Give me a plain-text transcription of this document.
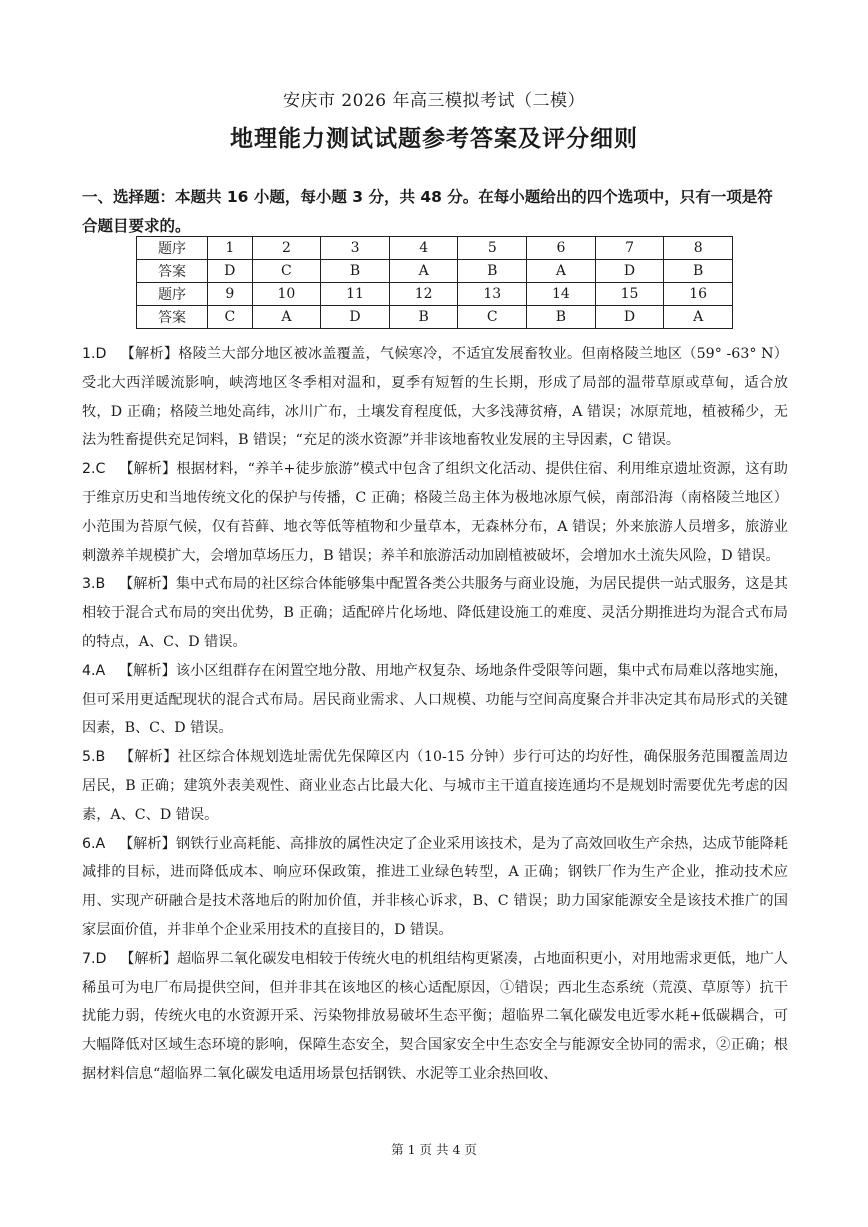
安庆市 2026 年高三模拟考试（二模）
地理能力测试试题参考答案及评分细则
一、选择题：本题共 16 小题，每小题 3 分，共 48 分。在每小题给出的四个选项中，只有一项是符合题目要求的。
题序	1	2	3	4	5	6	7	8
答案	D	C	B	A	B	A	D	B
题序	9	10	11	12	13	14	15	16
答案	C	A	D	B	C	B	D	A

1.D 【解析】格陵兰大部分地区被冰盖覆盖，气候寒冷，不适宜发展畜牧业。但南格陵兰地区（59° -63° N）受北大西洋暖流影响，峡湾地区冬季相对温和，夏季有短暂的生长期，形成了局部的温带草原或草甸，适合放牧，D 正确；格陵兰地处高纬，冰川广布，土壤发育程度低，大多浅薄贫瘠，A 错误；冰原荒地，植被稀少，无法为牲畜提供充足饲料，B 错误；“充足的淡水资源”并非该地畜牧业发展的主导因素，C 错误。

2.C 【解析】根据材料，“养羊+徒步旅游”模式中包含了组织文化活动、提供住宿、利用维京遗址资源，这有助于维京历史和当地传统文化的保护与传播，C 正确；格陵兰岛主体为极地冰原气候，南部沿海（南格陵兰地区）小范围为苔原气候，仅有苔藓、地衣等低等植物和少量草本，无森林分布，A 错误；外来旅游人员增多，旅游业刺激养羊规模扩大，会增加草场压力，B 错误；养羊和旅游活动加剧植被破坏，会增加水土流失风险，D 错误。

3.B 【解析】集中式布局的社区综合体能够集中配置各类公共服务与商业设施，为居民提供一站式服务，这是其相较于混合式布局的突出优势，B 正确；适配碎片化场地、降低建设施工的难度、灵活分期推进均为混合式布局的特点，A、C、D 错误。

4.A 【解析】该小区组群存在闲置空地分散、用地产权复杂、场地条件受限等问题，集中式布局难以落地实施，但可采用更适配现状的混合式布局。居民商业需求、人口规模、功能与空间高度聚合并非决定其布局形式的关键因素，B、C、D 错误。

5.B 【解析】社区综合体规划选址需优先保障区内（10-15 分钟）步行可达的均好性，确保服务范围覆盖周边居民，B 正确；建筑外表美观性、商业业态占比最大化、与城市主干道直接连通均不是规划时需要优先考虑的因素，A、C、D 错误。

6.A 【解析】钢铁行业高耗能、高排放的属性决定了企业采用该技术，是为了高效回收生产余热，达成节能降耗减排的目标，进而降低成本、响应环保政策，推进工业绿色转型，A 正确；钢铁厂作为生产企业，推动技术应用、实现产研融合是技术落地后的附加价值，并非核心诉求，B、C 错误；助力国家能源安全是该技术推广的国家层面价值，并非单个企业采用技术的直接目的，D 错误。

7.D 【解析】超临界二氧化碳发电相较于传统火电的机组结构更紧凑，占地面积更小，对用地需求更低，地广人稀虽可为电厂布局提供空间，但并非其在该地区的核心适配原因，①错误；西北生态系统（荒漠、草原等）抗干扰能力弱，传统火电的水资源开采、污染物排放易破坏生态平衡；超临界二氧化碳发电近零水耗+低碳耦合，可大幅降低对区域生态环境的影响，保障生态安全，契合国家安全中生态安全与能源安全协同的需求，②正确；根据材料信息“超临界二氧化碳发电适用场景包括钢铁、水泥等工业余热回收、

第 1 页 共 4 页
